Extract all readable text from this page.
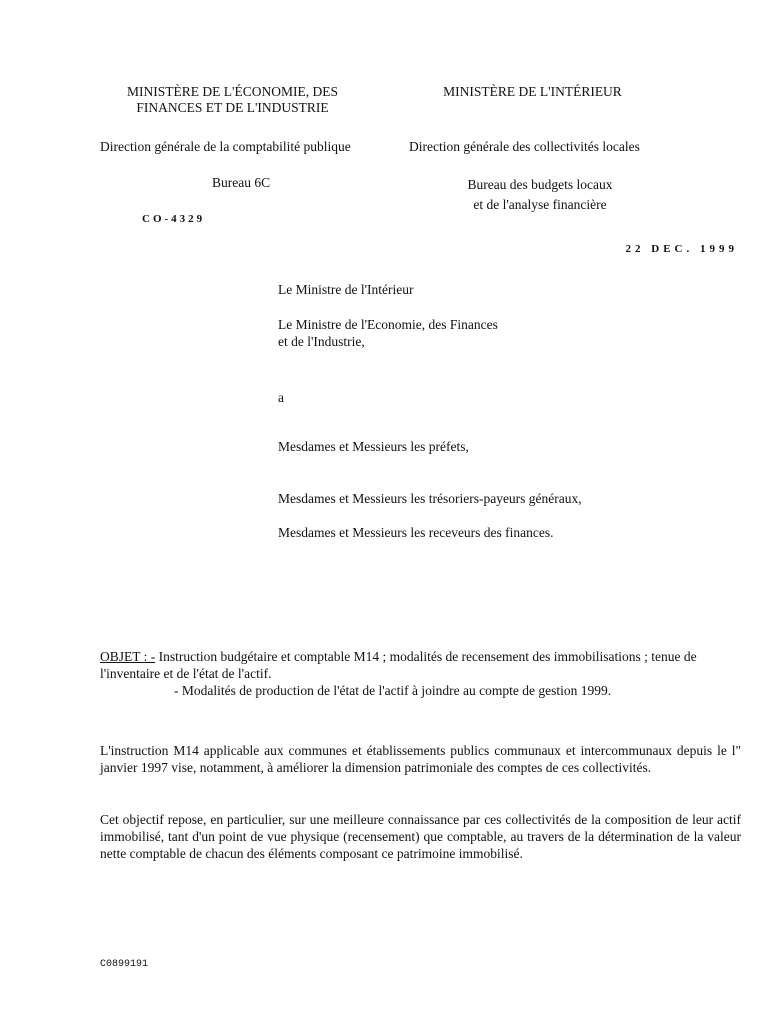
MINISTÈRE DE L'ÉCONOMIE, DES
FINANCES ET DE L'INDUSTRIE
MINISTÈRE DE L'INTÉRIEUR
Direction générale de la comptabilité publique	Direction générale des collectivités locales
Bureau 6C	Bureau des budgets locaux
et de l'analyse financière
CO-4329
22 DEC. 1999
Le Ministre de l'Intérieur
Le Ministre de l'Economie, des Finances
et de l'Industrie,
a
Mesdames et Messieurs les préfets,
Mesdames et Messieurs les trésoriers-payeurs généraux,
Mesdames et Messieurs les receveurs des finances.
OBJET : - Instruction budgétaire et comptable M14 ; modalités de recensement des immobilisations ; tenue de l'inventaire et de l'état de l'actif.
- Modalités de production de l'état de l'actif à joindre au compte de gestion 1999.
L'instruction M14 applicable aux communes et établissements publics communaux et intercommunaux depuis le l" janvier 1997 vise, notamment, à améliorer la dimension patrimoniale des comptes de ces collectivités.
Cet objectif repose, en particulier, sur une meilleure connaissance par ces collectivités de la composition de leur actif immobilisé, tant d'un point de vue physique (recensement) que comptable, au travers de la détermination de la valeur nette comptable de chacun des éléments composant ce patrimoine immobilisé.
C0899191
